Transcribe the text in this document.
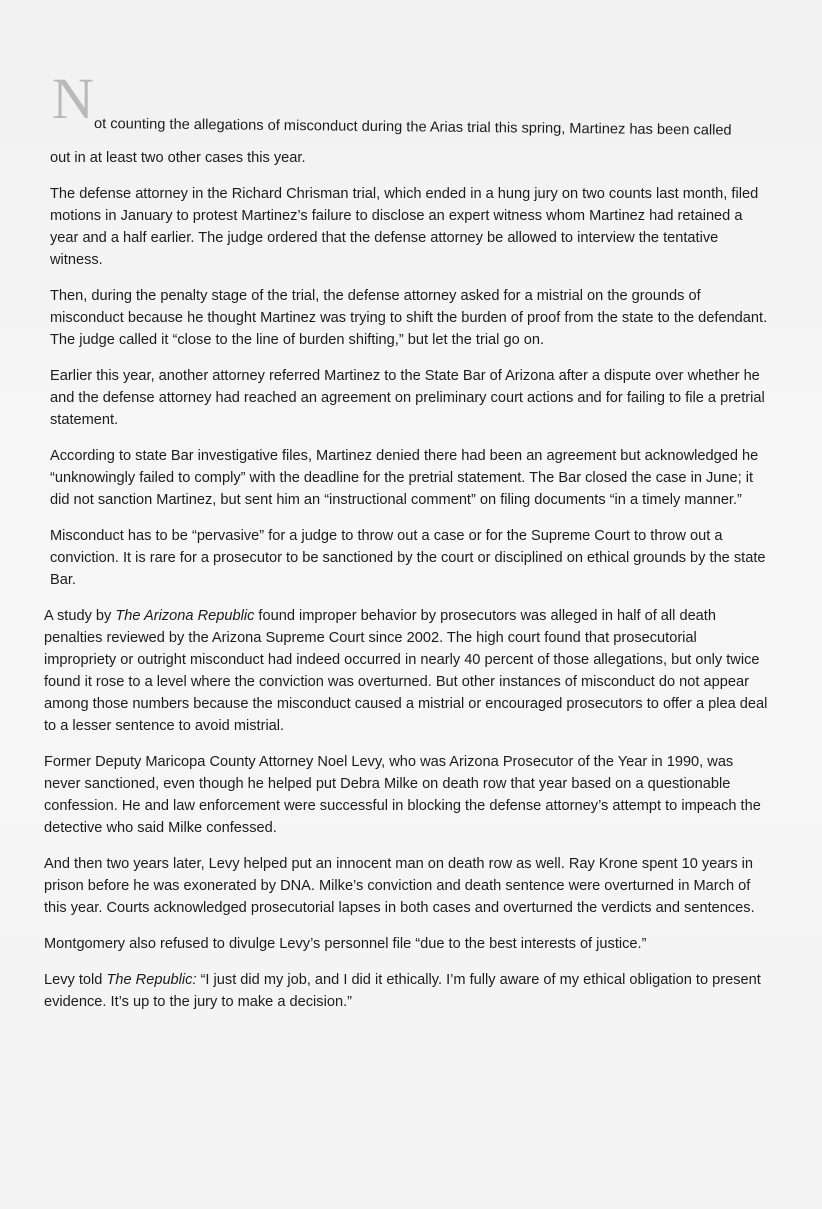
N ot counting the allegations of misconduct during the Arias trial this spring, Martinez has been called

out in at least two other cases this year.

The defense attorney in the Richard Chrisman trial, which ended in a hung jury on two counts last month, filed motions in January to protest Martinez’s failure to disclose an expert witness whom Martinez had retained a year and a half earlier. The judge ordered that the defense attorney be allowed to interview the tentative witness.

Then, during the penalty stage of the trial, the defense attorney asked for a mistrial on the grounds of misconduct because he thought Martinez was trying to shift the burden of proof from the state to the defendant. The judge called it “close to the line of burden shifting,” but let the trial go on.

Earlier this year, another attorney referred Martinez to the State Bar of Arizona after a dispute over whether he and the defense attorney had reached an agreement on preliminary court actions and for failing to file a pretrial statement.

According to state Bar investigative files, Martinez denied there had been an agreement but acknowledged he “unknowingly failed to comply” with the deadline for the pretrial statement. The Bar closed the case in June; it did not sanction Martinez, but sent him an “instructional comment” on filing documents “in a timely manner.”

Misconduct has to be “pervasive” for a judge to throw out a case or for the Supreme Court to throw out a conviction. It is rare for a prosecutor to be sanctioned by the court or disciplined on ethical grounds by the state Bar.

A study by The Arizona Republic found improper behavior by prosecutors was alleged in half of all death penalties reviewed by the Arizona Supreme Court since 2002. The high court found that prosecutorial impropriety or outright misconduct had indeed occurred in nearly 40 percent of those allegations, but only twice found it rose to a level where the conviction was overturned. But other instances of misconduct do not appear among those numbers because the misconduct caused a mistrial or encouraged prosecutors to offer a plea deal to a lesser sentence to avoid mistrial.

Former Deputy Maricopa County Attorney Noel Levy, who was Arizona Prosecutor of the Year in 1990, was never sanctioned, even though he helped put Debra Milke on death row that year based on a questionable confession. He and law enforcement were successful in blocking the defense attorney’s attempt to impeach the detective who said Milke confessed.

And then two years later, Levy helped put an innocent man on death row as well. Ray Krone spent 10 years in prison before he was exonerated by DNA. Milke’s conviction and death sentence were overturned in March of this year. Courts acknowledged prosecutorial lapses in both cases and overturned the verdicts and sentences.

Montgomery also refused to divulge Levy’s personnel file “due to the best interests of justice.”

Levy told The Republic: “I just did my job, and I did it ethically. I’m fully aware of my ethical obligation to present evidence. It’s up to the jury to make a decision.”
